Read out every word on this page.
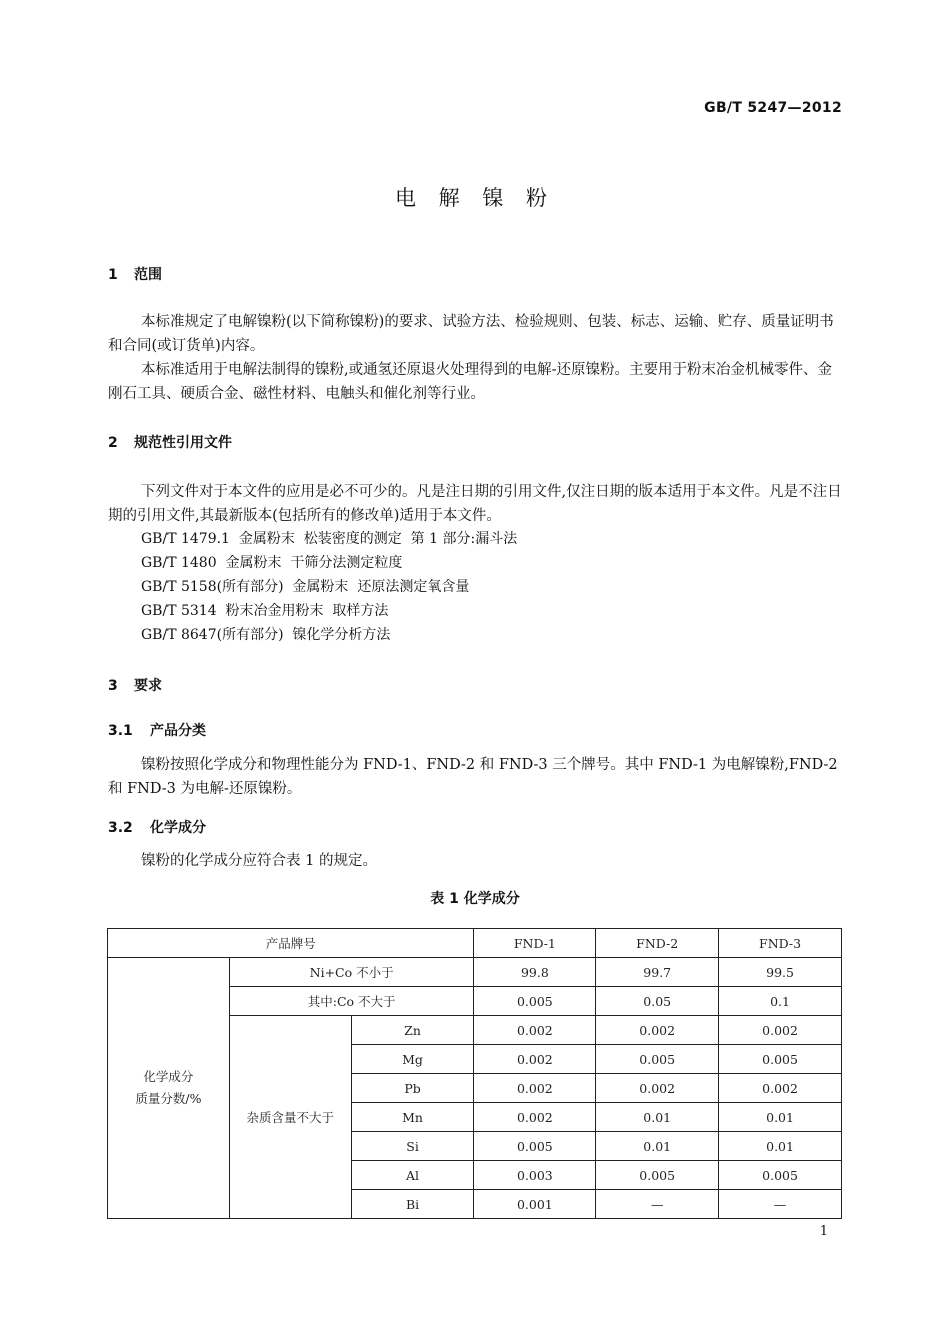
GB/T 5247—2012
电 解 镍 粉
1 范围

本标准规定了电解镍粉(以下简称镍粉)的要求、试验方法、检验规则、包装、标志、运输、贮存、质量证明书和合同(或订货单)内容。

本标准适用于电解法制得的镍粉,或通氢还原退火处理得到的电解-还原镍粉。主要用于粉末冶金机械零件、金刚石工具、硬质合金、磁性材料、电触头和催化剂等行业。

2 规范性引用文件

下列文件对于本文件的应用是必不可少的。凡是注日期的引用文件,仅注日期的版本适用于本文件。凡是不注日期的引用文件,其最新版本(包括所有的修改单)适用于本文件。

GB/T 1479.1  金属粉末  松装密度的测定  第 1 部分:漏斗法
GB/T 1480  金属粉末  干筛分法测定粒度
GB/T 5158(所有部分)  金属粉末  还原法测定氧含量
GB/T 5314  粉末冶金用粉末  取样方法
GB/T 8647(所有部分)  镍化学分析方法
3 要求
3.1 产品分类

镍粉按照化学成分和物理性能分为 FND-1、FND-2 和 FND-3 三个牌号。其中 FND-1 为电解镍粉,FND-2 和 FND-3 为电解-还原镍粉。

3.2 化学成分

镍粉的化学成分应符合表 1 的规定。

表 1 化学成分
产品牌号			FND-1	FND-2	FND-3

化学成分
质量分数/%	Ni+Co 不小于		99.8	99.7	99.5
	其中:Co 不大于		0.005	0.05	0.1
	杂质含量不大于	Zn	0.002	0.002	0.002
		Mg	0.002	0.005	0.005
		Pb	0.002	0.002	0.002
		Mn	0.002	0.01	0.01
		Si	0.005	0.01	0.01
		Al	0.003	0.005	0.005
		Bi	0.001	—	—
1
